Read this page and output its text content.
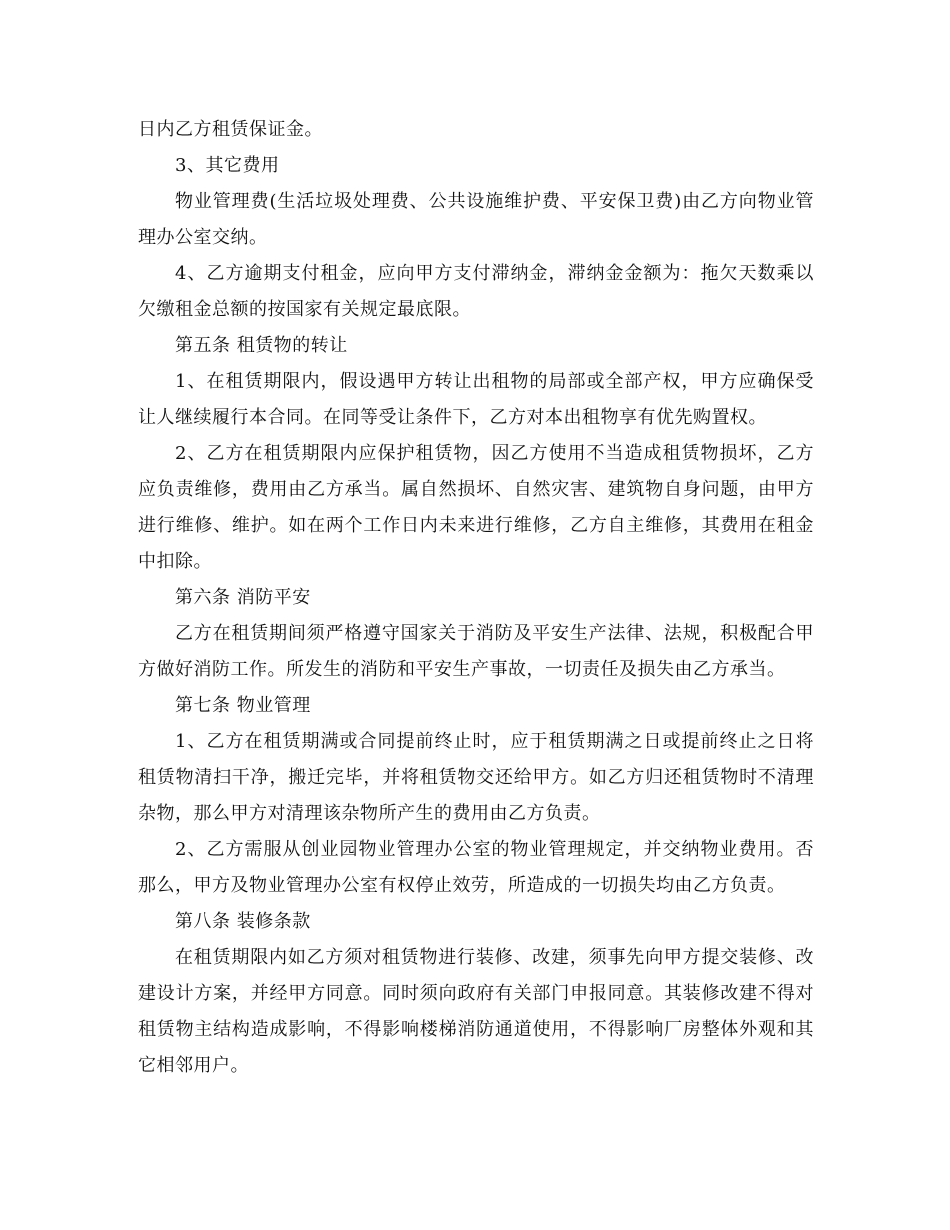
日内乙方租赁保证金。

3、其它费用

物业管理费(生活垃圾处理费、公共设施维护费、平安保卫费)由乙方向物业管理办公室交纳。

4、乙方逾期支付租金，应向甲方支付滞纳金，滞纳金金额为：拖欠天数乘以欠缴租金总额的按国家有关规定最底限。

第五条 租赁物的转让

1、在租赁期限内，假设遇甲方转让出租物的局部或全部产权，甲方应确保受让人继续履行本合同。在同等受让条件下，乙方对本出租物享有优先购置权。

2、乙方在租赁期限内应保护租赁物，因乙方使用不当造成租赁物损坏，乙方应负责维修，费用由乙方承当。属自然损坏、自然灾害、建筑物自身问题，由甲方进行维修、维护。如在两个工作日内未来进行维修，乙方自主维修，其费用在租金中扣除。

第六条 消防平安

乙方在租赁期间须严格遵守国家关于消防及平安生产法律、法规，积极配合甲方做好消防工作。所发生的消防和平安生产事故，一切责任及损失由乙方承当。

第七条 物业管理

1、乙方在租赁期满或合同提前终止时，应于租赁期满之日或提前终止之日将租赁物清扫干净，搬迁完毕，并将租赁物交还给甲方。如乙方归还租赁物时不清理杂物，那么甲方对清理该杂物所产生的费用由乙方负责。

2、乙方需服从创业园物业管理办公室的物业管理规定，并交纳物业费用。否那么，甲方及物业管理办公室有权停止效劳，所造成的一切损失均由乙方负责。

第八条 装修条款

在租赁期限内如乙方须对租赁物进行装修、改建，须事先向甲方提交装修、改建设计方案，并经甲方同意。同时须向政府有关部门申报同意。其装修改建不得对租赁物主结构造成影响，不得影响楼梯消防通道使用，不得影响厂房整体外观和其它相邻用户。
